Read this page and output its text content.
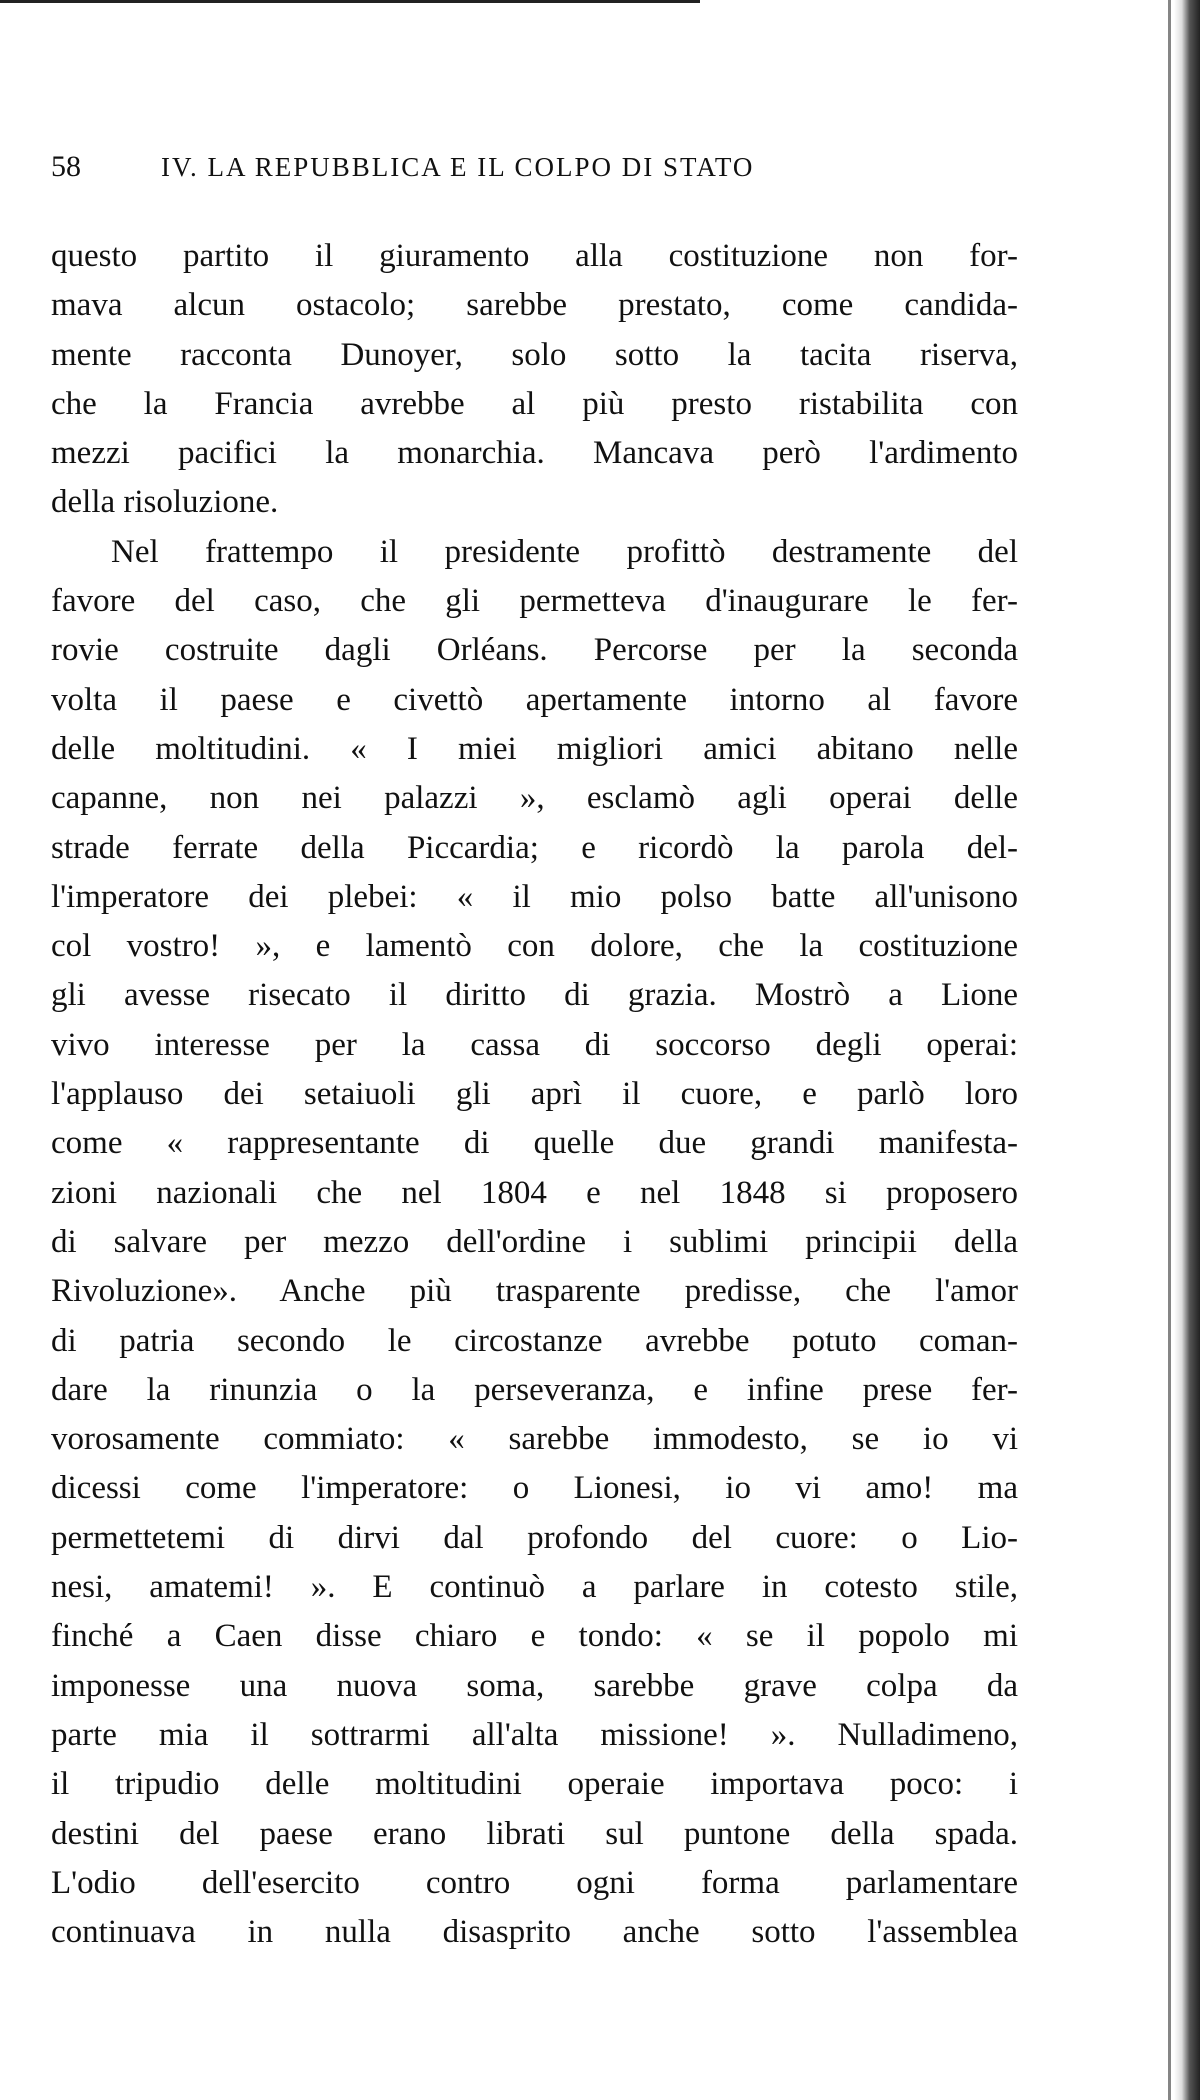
58	IV. LA REPUBBLICA E IL COLPO DI STATO
questo partito il giuramento alla costituzione non for-
mava alcun ostacolo; sarebbe prestato, come candida-
mente racconta Dunoyer, solo sotto la tacita riserva,
che la Francia avrebbe al più presto ristabilita con
mezzi pacifici la monarchia. Mancava però l'ardimento
della risoluzione.
Nel frattempo il presidente profittò destramente del
favore del caso, che gli permetteva d'inaugurare le fer-
rovie costruite dagli Orléans. Percorse per la seconda
volta il paese e civettò apertamente intorno al favore
delle moltitudini. « I miei migliori amici abitano nelle
capanne, non nei palazzi », esclamò agli operai delle
strade ferrate della Piccardia; e ricordò la parola del-
l'imperatore dei plebei: « il mio polso batte all'unisono
col vostro! », e lamentò con dolore, che la costituzione
gli avesse risecato il diritto di grazia. Mostrò a Lione
vivo interesse per la cassa di soccorso degli operai:
l'applauso dei setaiuoli gli aprì il cuore, e parlò loro
come « rappresentante di quelle due grandi manifesta-
zioni nazionali che nel 1804 e nel 1848 si proposero
di salvare per mezzo dell'ordine i sublimi principii della
Rivoluzione». Anche più trasparente predisse, che l'amor
di patria secondo le circostanze avrebbe potuto coman-
dare la rinunzia o la perseveranza, e infine prese fer-
vorosamente commiato: « sarebbe immodesto, se io vi
dicessi come l'imperatore: o Lionesi, io vi amo! ma
permettetemi di dirvi dal profondo del cuore: o Lio-
nesi, amatemi! ». E continuò a parlare in cotesto stile,
finché a Caen disse chiaro e tondo: « se il popolo mi
imponesse una nuova soma, sarebbe grave colpa da
parte mia il sottrarmi all'alta missione! ». Nulladimeno,
il tripudio delle moltitudini operaie importava poco: i
destini del paese erano librati sul puntone della spada.
L'odio dell'esercito contro ogni forma parlamentare
continuava in nulla disasprito anche sotto l'assemblea
